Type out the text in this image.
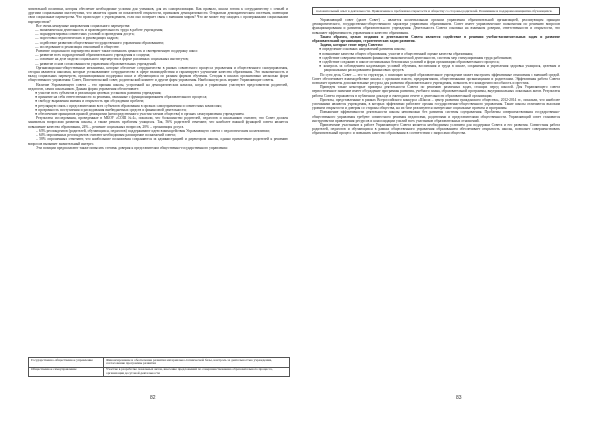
зовательной политики, которая обеспечит необходимые условия для учеников, для их самореализации. Как правило, школа готова к сотрудничеству с семьей и другими социальными институтами, что является одним из показателей открытости, признаком демократичности. Открытым демократическим системам, имеющим свои социальные партнерства. Что происходит с учреждением, если оно поперяет связь с внешним миром? Что же может ему ожидать с проигранными социальными партнерством?

Все очень ненаучные направления социального партнерства:

— экономическая деятельность и производительность труда в работе учреждения;

— подкорректировка совместных условий и проведения досуга;

— подготовка педагогических и руководящих кадров;

— содействие развитию общественно-государственного управления образованием;

— исследование и реализация отношений в обществе.

Развитие социального партнерства может также повышать ценность и своевременную поддержку школ:

— развитие всех подразделений образовательного учреждения и социума;

— освоение на деле модели социального партнерства в форме различных социальных институтов;

— развитие основ согласованности управления образовательных учреждений.

Организационно-общественные механизмы, которые обеспечат сотрудничество в рамках совместного процесса управления и общественного самоуправления, сегодня являются школами, которые устанавливают сотрудничество в сфере взаимодействия и гарантируют улучшение качества образования. Это экономичность и вклад социальных партнерств, организационная поддержка школ и обучающихся по разным формам обучения. Сегодня в школах организовано несколько форм общественного управления: Совет, Попечительский совет, родительский комитет и другие форм управления. Наибольшую роль играют Управляющие советы.

Наличие Управляющего совета – это признак школы, устроенной на демократических началах, когда в управлении участвуют представители родителей, педагогов, самих школьников. Данная форма управления обеспечивает:

● участие всех субъектов в реализации целевых установок развития учреждения;

● принятие на себя ответственности за решения, связанные с функционированием образовательного процесса;

● свободу выражения мнения и открытость при обсуждении проблем;

● регулярную связь с представителями всех субъектов образования в органах самоуправления и совместных комиссиях;

● прозрачность поступления и расходования внебюджетных средств и финансовой деятельности;

● обеспечение принципов прямой демократии (непосредственного участия членов общества) в органах самоуправления учреждением.

Результаты исследования, проведенные в МБОУ «СОШ №4», показали, что большинство родителей, педагогов и школьников считают, что Совет должен заниматься вопросами развития школы, а также решать проблемы учащихся. Так, 56% родителей отмечают, что наиболее важной функцией совета является повышение качества образования, 24% – решение социальных вопросов, 20% – организация досуга.

– 63% респондентов (родителей, обучающихся, педагогов) поддерживают идею взаимодействия Управляющего совета с педагогическим коллективом;

– 64% опрошенных респондентов считают необходимым расширение полномочий совета;

– 58% опрошенных отмечают, что наибольшие полномочия сохраняются за администрацией и директором школы, однако привлечение родителей к решению вопросов вызывает значительный интерес.

Эти позиции предполагают также повысить степень доверия к представителям общественно-государственного управления:

Государственно-общественное управление	Финансирование и обеспечение развития материально-технической базы, контроль за деятельностью учреждения, согласование программы развития
Общественное самоуправление	Участие в разработке локальных актов, внесение предложений по совершенствованию образовательного процесса, организация досуговой деятельности
82
положительный опыт в деятельности. Привлечение к проблемам открытости и обществу со стороны родителей. Понимание и поддержка инициатив обучающихся.

Управляющий совет (далее Совет) – является коллегиальным органом управления образовательной организацией, реализующим принцип демократического, государственно-общественного характера управления образованием. Совет имеет управленческие полномочия по решению вопросов функционирования и развития образовательного учреждения. Деятельность Совета основана на взаимном доверии, ответственности и открытости, что повышает эффективность управления и качество образования.

Таким образом, целью создания и деятельности Совета является содействие в решении учебно-воспитательных задач и развитие образовательной организации, стратегических задач развития.

Задачи, которые стоят перед Советом:

● определение основных направлений развития школы;

● повышение качества общего образования, участие в общественной оценке качества образования;

● содействие совершенствованию финансово-экономической деятельности, системы мер стимулирования труда работников;

● содействие созданию в школе оптимальных безопасных условий и форм организации образовательного процесса;

● контроль за соблюдением надлежащих условий обучения, воспитания и труда в школе, сохранения и укрепления здоровья учащихся, целевым и рациональным расходованием финансовых средств.

По сути дела, Совет — это та структура, с помощью которой образовательное учреждение может выстроить эффективные отношения с внешней средой. Совет обеспечивает взаимодействие школы с органами власти, предприятиями, общественными организациями и родителями. Эффективная работа Совета позволяет привлечь дополнительные ресурсы для развития образовательного учреждения, повысить его конкурентоспособность и престиж.

Приведем также некоторые примеры деятельности Совета по решению различных задач, стоящих перед школой. Для Управляющего совета первостепенное значение имеет обсуждение программы развития, учебного плана, образовательной программы, внутришкольных локальных актов. Результаты работы Совета отражаются в публичном докладе и ежегодном отчете о деятельности образовательной организации.

Проекты, представленные в рамках Всероссийского конкурса «Школа – центр развития гражданского общества», 2012-2014 гг., показали, что наиболее успешными являются учреждения, в которых эффективно работают органы государственно-общественного управления. Такие школы отличаются высоким уровнем открытости и доверия со стороны общества, на их базе реализуются интересные социальные проекты и программы.

Повышение эффективности деятельности школы невозможно без развития системы соуправления. Проблемы совершенствования государственно-общественного управления требуют совместного решения педагогами, родителями и представителями общественности. Управляющий совет становится инструментом привлечения ресурсов и консолидации усилий всех участников образовательных отношений.

Привлечение участников к работе Управляющего Совета является необходимым условием для поддержки Совета и его развития. Совместная работа родителей, педагогов и обучающихся в рамках общественного управления образованием обеспечивает открытость школы, позволяет совершенствовать образовательный процесс и повышать качество образования в соответствии с запросами общества.

83
